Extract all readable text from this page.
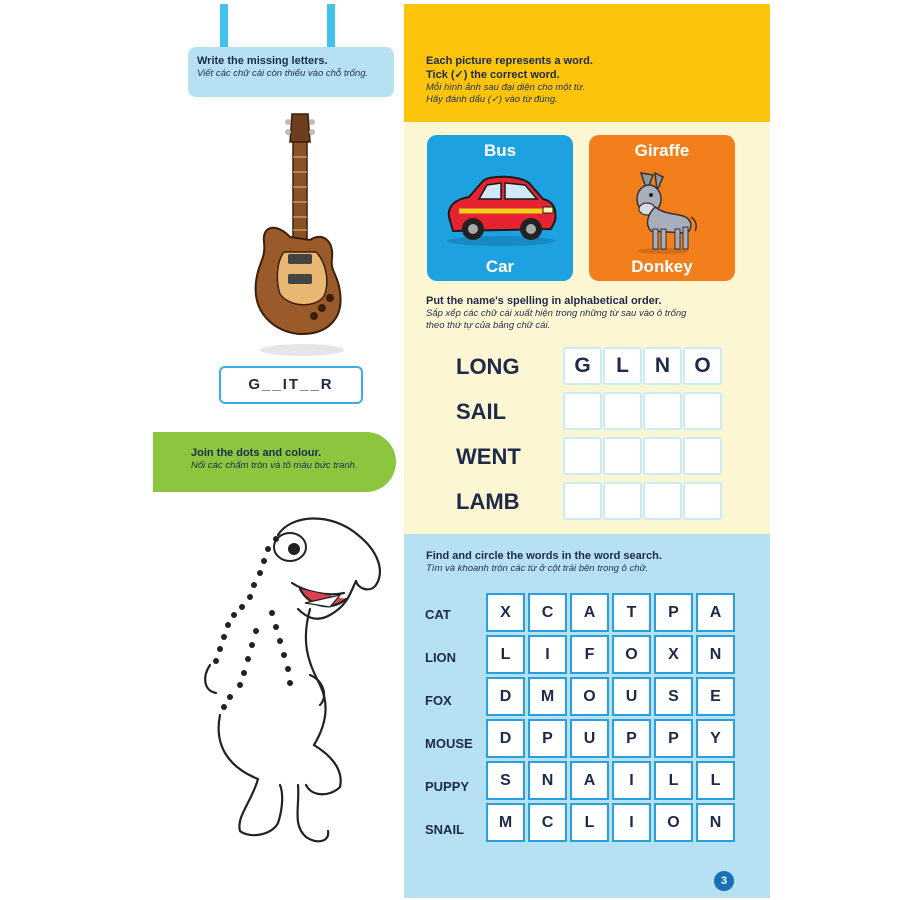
Write the missing letters.
Viết các chữ cái còn thiếu vào chỗ trống.
G__IT__R
Join the dots and colour.
Nối các chấm tròn và tô màu bức tranh.
Each picture represents a word.
Tick (✓) the correct word.
Mỗi hình ảnh sau đại diện cho một từ.
Hãy đánh dấu (✓) vào từ đúng.
Bus
Car
Giraffe
Donkey
Put the name's spelling in alphabetical order.
Sắp xếp các chữ cái xuất hiện trong những từ sau vào ô trống
theo thứ tự của bảng chữ cái.
LONG	G	L	N	O
SAIL
WENT
LAMB
Find and circle the words in the word search.
Tìm và khoanh tròn các từ ở cột trái bên trong ô chữ.
CAT
LION
FOX
MOUSE
PUPPY
SNAIL
X	C	A	T	P	A
L	I	F	O	X	N
D	M	O	U	S	E
D	P	U	P	P	Y
S	N	A	I	L	L
M	C	L	I	O	N
3
